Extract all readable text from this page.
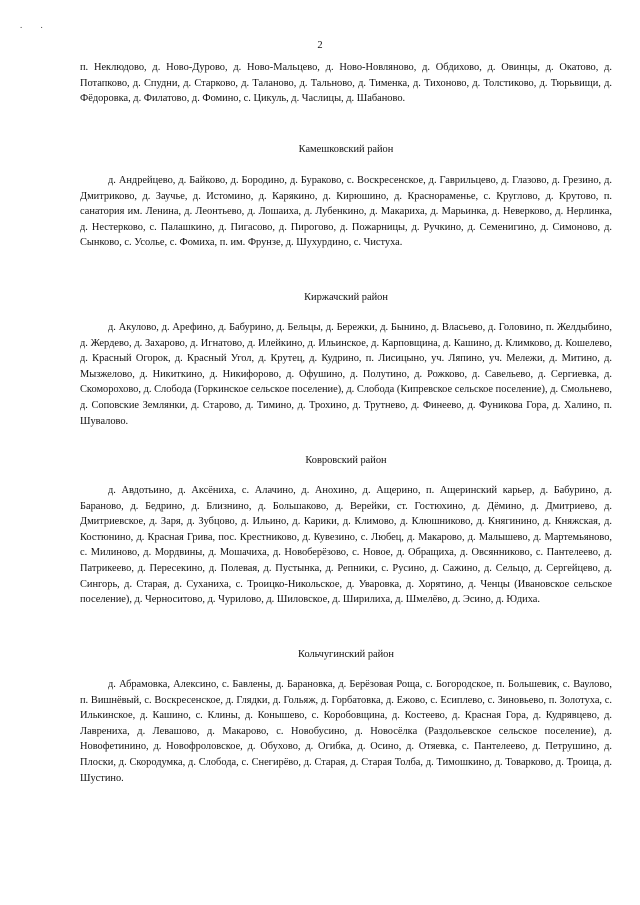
. .
2

п. Неклюдово, д. Ново-Дурово, д. Ново-Мальцево, д. Ново-Новляново, д. Обдихово, д. Овинцы, д. Окатово, д. Потапково, д. Спудни, д. Старково, д. Таланово, д. Тальново, д. Тименка, д. Тихоново, д. Толстиково, д. Тюрьвищи, д. Фёдоровка, д. Филатово, д. Фомино, с. Цикуль, д. Часлицы, д. Шабаново.

Камешковский район

д. Андрейцево, д. Байково, д. Бородино, д. Бураково, с. Воскресенское, д. Гаврильцево, д. Глазово, д. Грезино, д. Дмитриково, д. Заучье, д. Истомино, д. Карякино, д. Кирюшино, д. Краснораменье, с. Круглово, д. Крутово, п. санатория им. Ленина, д. Леонтьево, д. Лошаиха, д. Лубенкино, д. Макариха, д. Марьинка, д. Неверково, д. Нерлинка, д. Нестерково, с. Палашкино, д. Пигасово, д. Пирогово, д. Пожарницы, д. Ручкино, д. Семенигино, д. Симоново, д. Сынково, с. Усолье, с. Фомиха, п. им. Фрунзе, д. Шухурдино, с. Чистуха.

Киржачский район

д. Акулово, д. Арефино, д. Бабурино, д. Бельцы, д. Бережки, д. Бынино, д. Власьево, д. Головино, п. Желдыбино, д. Жердево, д. Захарово, д. Игнатово, д. Илейкино, д. Ильинское, д. Карповщина, д. Кашино, д. Климково, д. Кошелево, д. Красный Огорок, д. Красный Угол, д. Крутец, д. Кудрино, п. Лисицыно, уч. Ляпино, уч. Мележи, д. Митино, д. Мызжелово, д. Никиткино, д. Никифорово, д. Офушино, д. Полутино, д. Рожково, д. Савельево, д. Сергиевка, д. Скоморохово, д. Слобода (Горкинское сельское поселение), д. Слобода (Кипревское сельское поселение), д. Смольнево, д. Соповские Землянки, д. Старово, д. Тимино, д. Трохино, д. Трутнево, д. Финеево, д. Фуникова Гора, д. Халино, п. Шувалово.

Ковровский район

д. Авдотьино, д. Аксёниха, с. Алачино, д. Анохино, д. Ащерино, п. Ащеринский карьер, д. Бабурино, д. Бараново, д. Бедрино, д. Близнино, д. Большаково, д. Верейки, ст. Гостюхино, д. Дёмино, д. Дмитриево, д. Дмитриевское, д. Заря, д. Зубцово, д. Ильино, д. Карики, д. Климово, д. Клюшниково, д. Княгинино, д. Княжская, д. Костюнино, д. Красная Грива, пос. Крестниково, д. Кувезино, с. Любец, д. Макарово, д. Малышево, д. Мартемьяново, с. Милиново, д. Мордвины, д. Мошачиха, д. Новоберёзово, с. Новое, д. Обращиха, д. Овсянниково, с. Пантелеево, д. Патрикеево, д. Пересекино, д. Полевая, д. Пустынка, д. Репники, с. Русино, д. Сажино, д. Сельцо, д. Сергейцево, д. Сингорь, д. Старая, д. Суханиха, с. Троицко-Никольское, д. Уваровка, д. Хорятино, д. Ченцы (Ивановское сельское поселение), д. Черноситово, д. Чурилово, д. Шиловское, д. Ширилиха, д. Шмелёво, д. Эсино, д. Юдиха.

Кольчугинский район

д. Абрамовка, Алексино, с. Бавлены, д. Барановка, д. Берёзовая Роща, с. Богородское, п. Большевик, с. Ваулово, п. Вишнёвый, с. Воскресенское, д. Глядки, д. Гольяж, д. Горбатовка, д. Ежово, с. Есиплево, с. Зиновьево, п. Золотуха, с. Илькинское, д. Кашино, с. Клины, д. Конышево, с. Коробовщина, д. Костеево, д. Красная Гора, д. Кудрявцево, д. Лаврениха, д. Левашово, д. Макарово, с. Новобусино, д. Новосёлка (Раздольевское сельское поселение), д. Новофетинино, д. Новофроловское, д. Обухово, д. Огибка, д. Осино, д. Отяевка, с. Пантелеево, д. Петрушино, д. Плоски, д. Скородумка, д. Слобода, с. Снегирёво, д. Старая, д. Старая Толба, д. Тимошкино, д. Товарково, д. Троица, д. Шустино.
